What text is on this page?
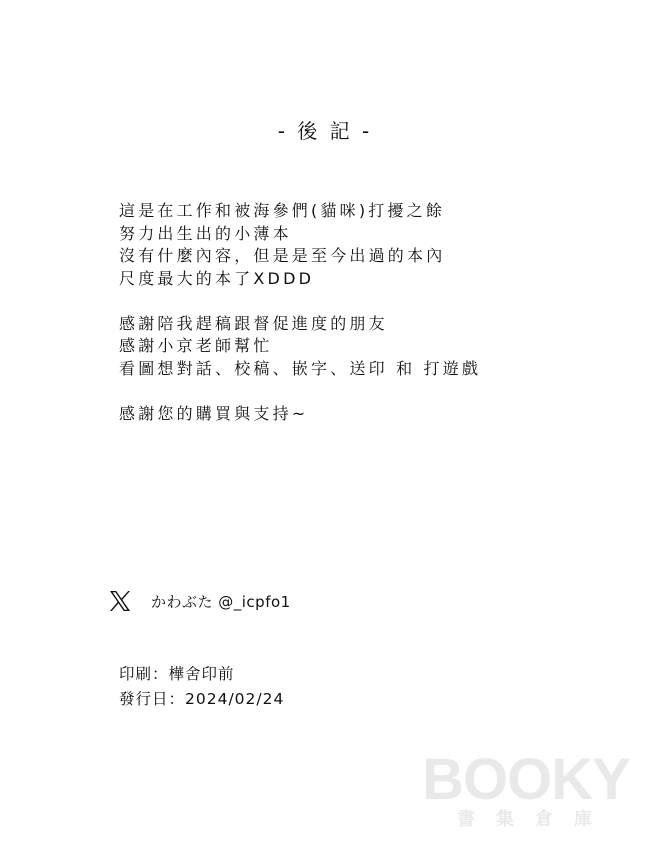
- 後 記 -
這是在工作和被海參們(貓咪)打擾之餘
努力出生出的小薄本
沒有什麼內容，但是是至今出過的本內
尺度最大的本了XDDD
感謝陪我趕稿跟督促進度的朋友
感謝小京老師幫忙
看圖想對話、校稿、嵌字、送印 和 打遊戲
感謝您的購買與支持~
かわぶた @_icpfo1
印刷：樺舍印前
發行日：2024/02/24
BOOKY
書集倉庫
